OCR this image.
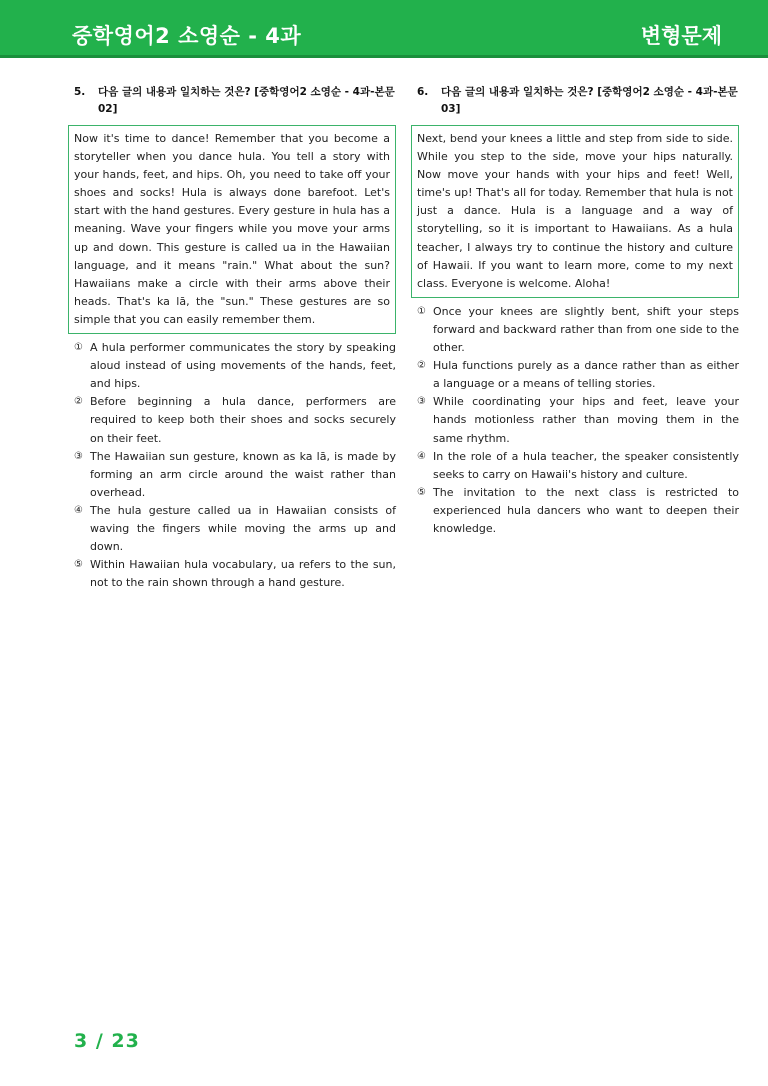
중학영어2 소영순 - 4과	변형문제
5. 다음 글의 내용과 일치하는 것은? [중학영어2 소영순 - 4과-본문 02]
Now it's time to dance! Remember that you become a storyteller when you dance hula. You tell a story with your hands, feet, and hips. Oh, you need to take off your shoes and socks! Hula is always done barefoot. Let's start with the hand gestures. Every gesture in hula has a meaning. Wave your fingers while you move your arms up and down. This gesture is called ua in the Hawaiian language, and it means "rain." What about the sun? Hawaiians make a circle with their arms above their heads. That's ka lā, the "sun." These gestures are so simple that you can easily remember them.
① A hula performer communicates the story by speaking aloud instead of using movements of the hands, feet, and hips.
② Before beginning a hula dance, performers are required to keep both their shoes and socks securely on their feet.
③ The Hawaiian sun gesture, known as ka lā, is made by forming an arm circle around the waist rather than overhead.
④ The hula gesture called ua in Hawaiian consists of waving the fingers while moving the arms up and down.
⑤ Within Hawaiian hula vocabulary, ua refers to the sun, not to the rain shown through a hand gesture.
6. 다음 글의 내용과 일치하는 것은? [중학영어2 소영순 - 4과-본문 03]
Next, bend your knees a little and step from side to side. While you step to the side, move your hips naturally. Now move your hands with your hips and feet! Well, time's up! That's all for today. Remember that hula is not just a dance. Hula is a language and a way of storytelling, so it is important to Hawaiians. As a hula teacher, I always try to continue the history and culture of Hawaii. If you want to learn more, come to my next class. Everyone is welcome. Aloha!
① Once your knees are slightly bent, shift your steps forward and backward rather than from one side to the other.
② Hula functions purely as a dance rather than as either a language or a means of telling stories.
③ While coordinating your hips and feet, leave your hands motionless rather than moving them in the same rhythm.
④ In the role of a hula teacher, the speaker consistently seeks to carry on Hawaii's history and culture.
⑤ The invitation to the next class is restricted to experienced hula dancers who want to deepen their knowledge.
3 / 23
